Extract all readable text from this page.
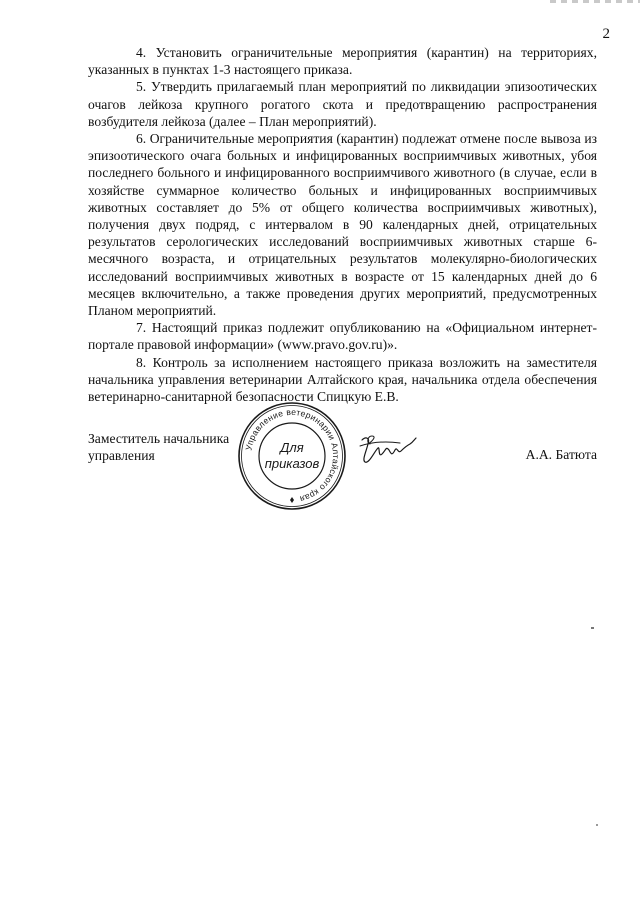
2

4. Установить ограничительные мероприятия (карантин) на территориях, указанных в пунктах 1-3 настоящего приказа.

5. Утвердить прилагаемый план мероприятий по ликвидации эпизоотических очагов лейкоза крупного рогатого скота и предотвращению распространения возбудителя лейкоза (далее – План мероприятий).

6. Ограничительные мероприятия (карантин) подлежат отмене после вывоза из эпизоотического очага больных и инфицированных восприимчивых животных, убоя последнего больного и инфицированного восприимчивого животного (в случае, если в хозяйстве суммарное количество больных и инфицированных восприимчивых животных составляет до 5% от общего количества восприимчивых животных), получения двух подряд, с интервалом в 90 календарных дней, отрицательных результатов серологических исследований восприимчивых животных старше 6-месячного возраста, и отрицательных результатов молекулярно-биологических исследований восприимчивых животных в возрасте от 15 календарных дней до 6 месяцев включительно, а также проведения других мероприятий, предусмотренных Планом мероприятий.

7. Настоящий приказ подлежит опубликованию на «Официальном интернет-портале правовой информации» (www.pravo.gov.ru)».

8. Контроль за исполнением настоящего приказа возложить на заместителя начальника управления ветеринарии Алтайского края, начальника отдела обеспечения ветеринарно-санитарной безопасности Спицкую Е.В.

Заместитель начальника
управления	А.А. Батюта
Управление ветеринарии Алтайского края
Для
приказов
